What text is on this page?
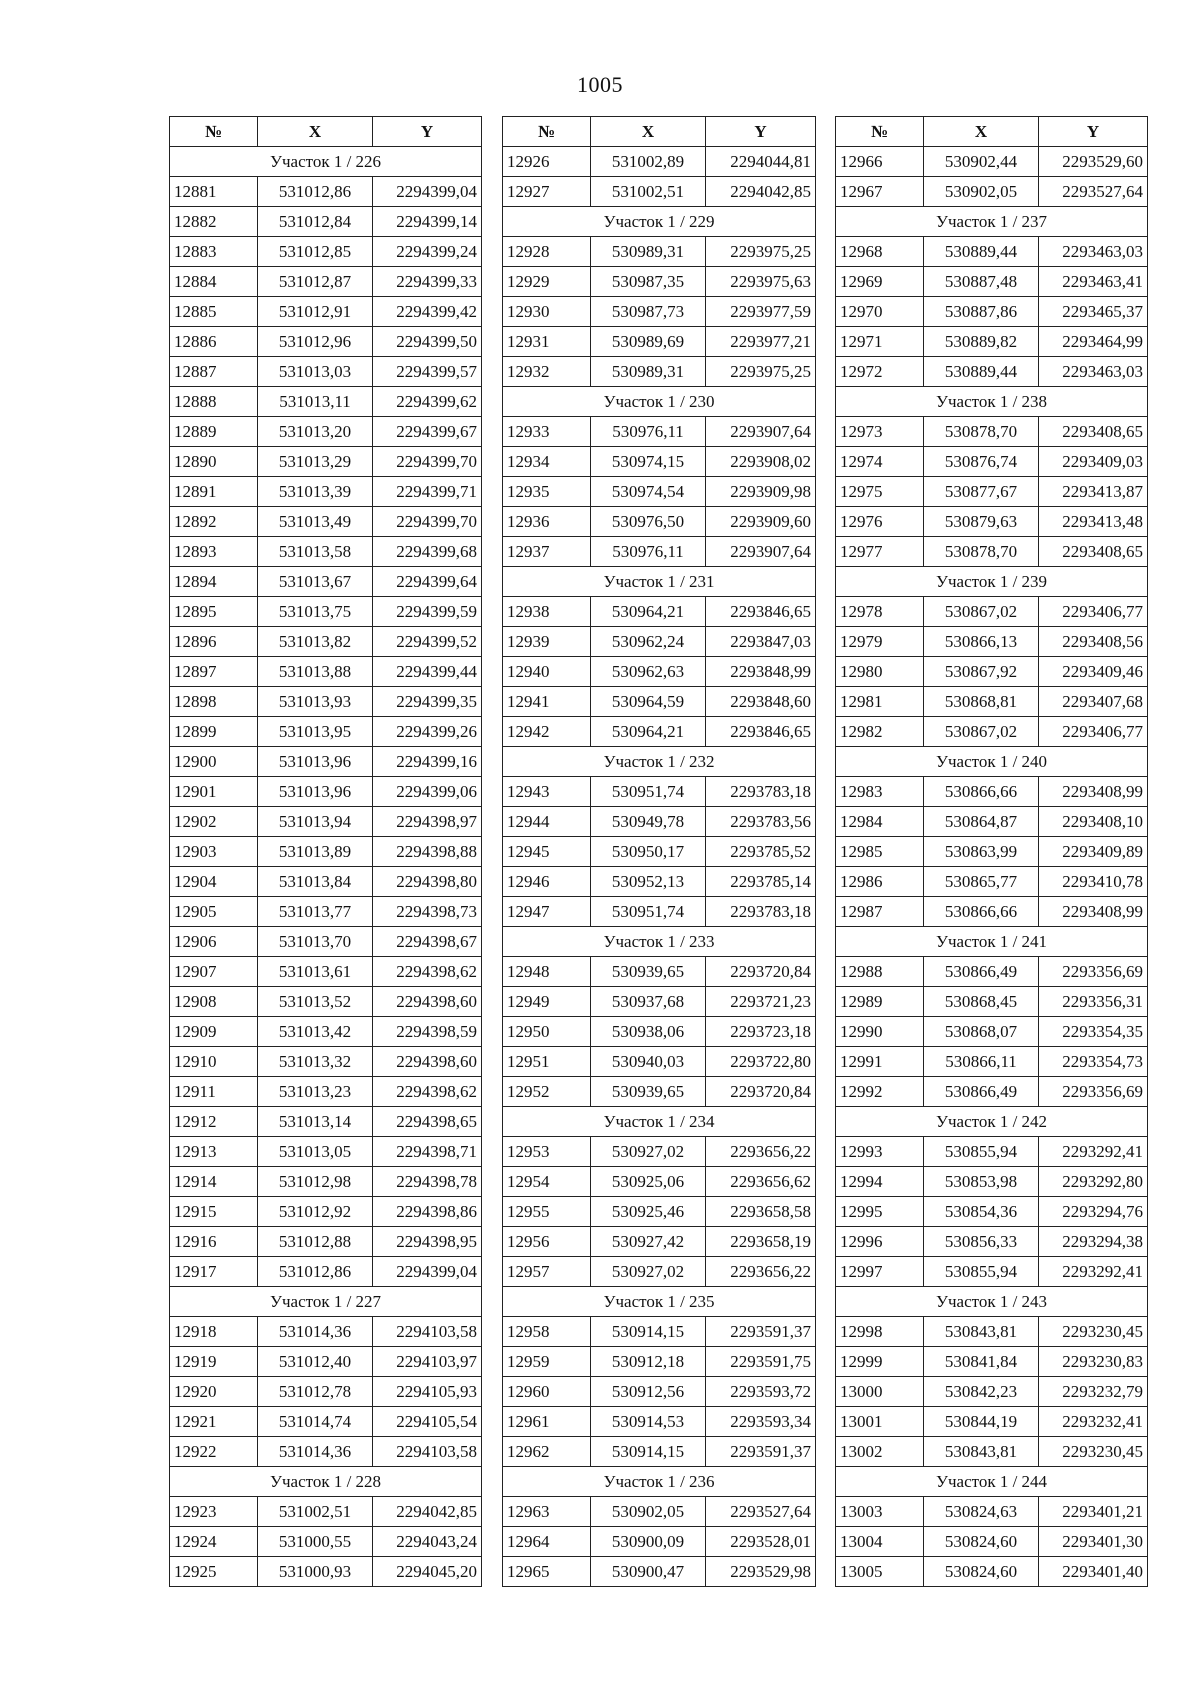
1005
№	X	Y
Участок 1 / 226		
12881	531012,86	2294399,04
12882	531012,84	2294399,14
12883	531012,85	2294399,24
12884	531012,87	2294399,33
12885	531012,91	2294399,42
12886	531012,96	2294399,50
12887	531013,03	2294399,57
12888	531013,11	2294399,62
12889	531013,20	2294399,67
12890	531013,29	2294399,70
12891	531013,39	2294399,71
12892	531013,49	2294399,70
12893	531013,58	2294399,68
12894	531013,67	2294399,64
12895	531013,75	2294399,59
12896	531013,82	2294399,52
12897	531013,88	2294399,44
12898	531013,93	2294399,35
12899	531013,95	2294399,26
12900	531013,96	2294399,16
12901	531013,96	2294399,06
12902	531013,94	2294398,97
12903	531013,89	2294398,88
12904	531013,84	2294398,80
12905	531013,77	2294398,73
12906	531013,70	2294398,67
12907	531013,61	2294398,62
12908	531013,52	2294398,60
12909	531013,42	2294398,59
12910	531013,32	2294398,60
12911	531013,23	2294398,62
12912	531013,14	2294398,65
12913	531013,05	2294398,71
12914	531012,98	2294398,78
12915	531012,92	2294398,86
12916	531012,88	2294398,95
12917	531012,86	2294399,04
Участок 1 / 227		
12918	531014,36	2294103,58
12919	531012,40	2294103,97
12920	531012,78	2294105,93
12921	531014,74	2294105,54
12922	531014,36	2294103,58
Участок 1 / 228		
12923	531002,51	2294042,85
12924	531000,55	2294043,24
12925	531000,93	2294045,20
№	X	Y
12926	531002,89	2294044,81
12927	531002,51	2294042,85
Участок 1 / 229		
12928	530989,31	2293975,25
12929	530987,35	2293975,63
12930	530987,73	2293977,59
12931	530989,69	2293977,21
12932	530989,31	2293975,25
Участок 1 / 230		
12933	530976,11	2293907,64
12934	530974,15	2293908,02
12935	530974,54	2293909,98
12936	530976,50	2293909,60
12937	530976,11	2293907,64
Участок 1 / 231		
12938	530964,21	2293846,65
12939	530962,24	2293847,03
12940	530962,63	2293848,99
12941	530964,59	2293848,60
12942	530964,21	2293846,65
Участок 1 / 232		
12943	530951,74	2293783,18
12944	530949,78	2293783,56
12945	530950,17	2293785,52
12946	530952,13	2293785,14
12947	530951,74	2293783,18
Участок 1 / 233		
12948	530939,65	2293720,84
12949	530937,68	2293721,23
12950	530938,06	2293723,18
12951	530940,03	2293722,80
12952	530939,65	2293720,84
Участок 1 / 234		
12953	530927,02	2293656,22
12954	530925,06	2293656,62
12955	530925,46	2293658,58
12956	530927,42	2293658,19
12957	530927,02	2293656,22
Участок 1 / 235		
12958	530914,15	2293591,37
12959	530912,18	2293591,75
12960	530912,56	2293593,72
12961	530914,53	2293593,34
12962	530914,15	2293591,37
Участок 1 / 236		
12963	530902,05	2293527,64
12964	530900,09	2293528,01
12965	530900,47	2293529,98
№	X	Y
12966	530902,44	2293529,60
12967	530902,05	2293527,64
Участок 1 / 237		
12968	530889,44	2293463,03
12969	530887,48	2293463,41
12970	530887,86	2293465,37
12971	530889,82	2293464,99
12972	530889,44	2293463,03
Участок 1 / 238		
12973	530878,70	2293408,65
12974	530876,74	2293409,03
12975	530877,67	2293413,87
12976	530879,63	2293413,48
12977	530878,70	2293408,65
Участок 1 / 239		
12978	530867,02	2293406,77
12979	530866,13	2293408,56
12980	530867,92	2293409,46
12981	530868,81	2293407,68
12982	530867,02	2293406,77
Участок 1 / 240		
12983	530866,66	2293408,99
12984	530864,87	2293408,10
12985	530863,99	2293409,89
12986	530865,77	2293410,78
12987	530866,66	2293408,99
Участок 1 / 241		
12988	530866,49	2293356,69
12989	530868,45	2293356,31
12990	530868,07	2293354,35
12991	530866,11	2293354,73
12992	530866,49	2293356,69
Участок 1 / 242		
12993	530855,94	2293292,41
12994	530853,98	2293292,80
12995	530854,36	2293294,76
12996	530856,33	2293294,38
12997	530855,94	2293292,41
Участок 1 / 243		
12998	530843,81	2293230,45
12999	530841,84	2293230,83
13000	530842,23	2293232,79
13001	530844,19	2293232,41
13002	530843,81	2293230,45
Участок 1 / 244		
13003	530824,63	2293401,21
13004	530824,60	2293401,30
13005	530824,60	2293401,40
